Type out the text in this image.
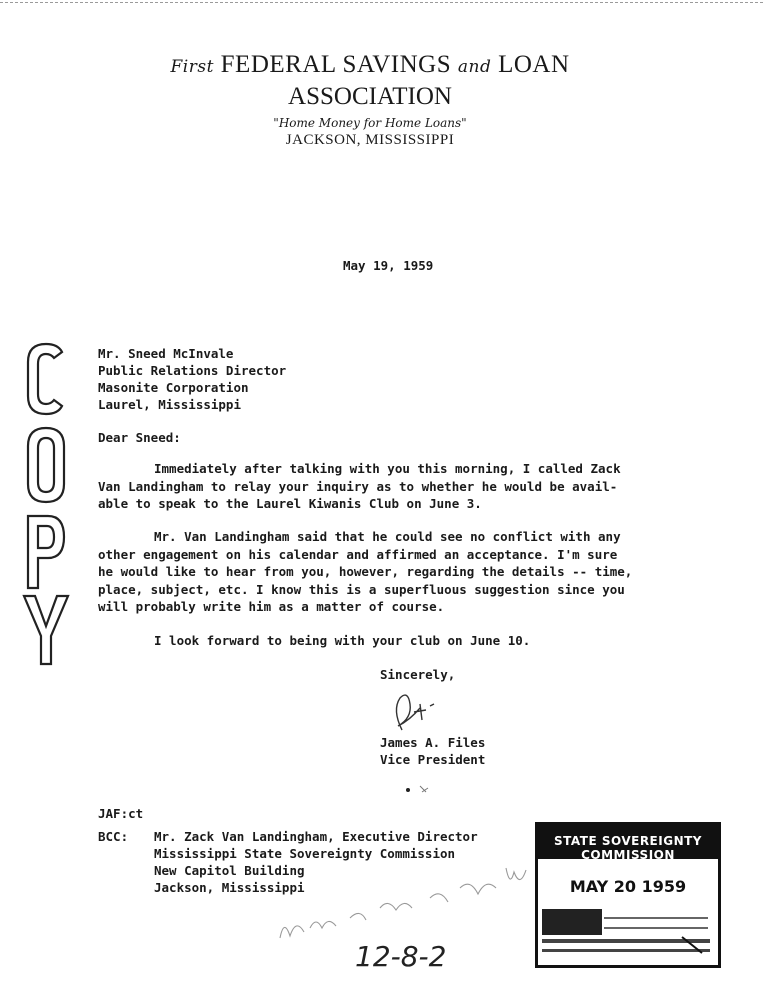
First FEDERAL SAVINGS and LOAN
ASSOCIATION
"Home Money for Home Loans"
JACKSON, MISSISSIPPI
May 19, 1959
Mr. Sneed McInvale
Public Relations Director
Masonite Corporation
Laurel, Mississippi
Dear Sneed:
Immediately after talking with you this morning, I called Zack
Van Landingham to relay your inquiry as to whether he would be avail-
able to speak to the Laurel Kiwanis Club on June 3.
Mr. Van Landingham said that he could see no conflict with any
other engagement on his calendar and affirmed an acceptance. I'm sure
he would like to hear from you, however, regarding the details -- time,
place, subject, etc. I know this is a superfluous suggestion since you
will probably write him as a matter of course.
I look forward to being with your club on June 10.
Sincerely,
James A. Files
Vice President
JAF:ct
BCC: Mr. Zack Van Landingham, Executive Director
Mississippi State Sovereignty Commission
New Capitol Building
Jackson, Mississippi
STATE SOVEREIGNTY COMMISSION
MAY 20 1959
12-8-2
